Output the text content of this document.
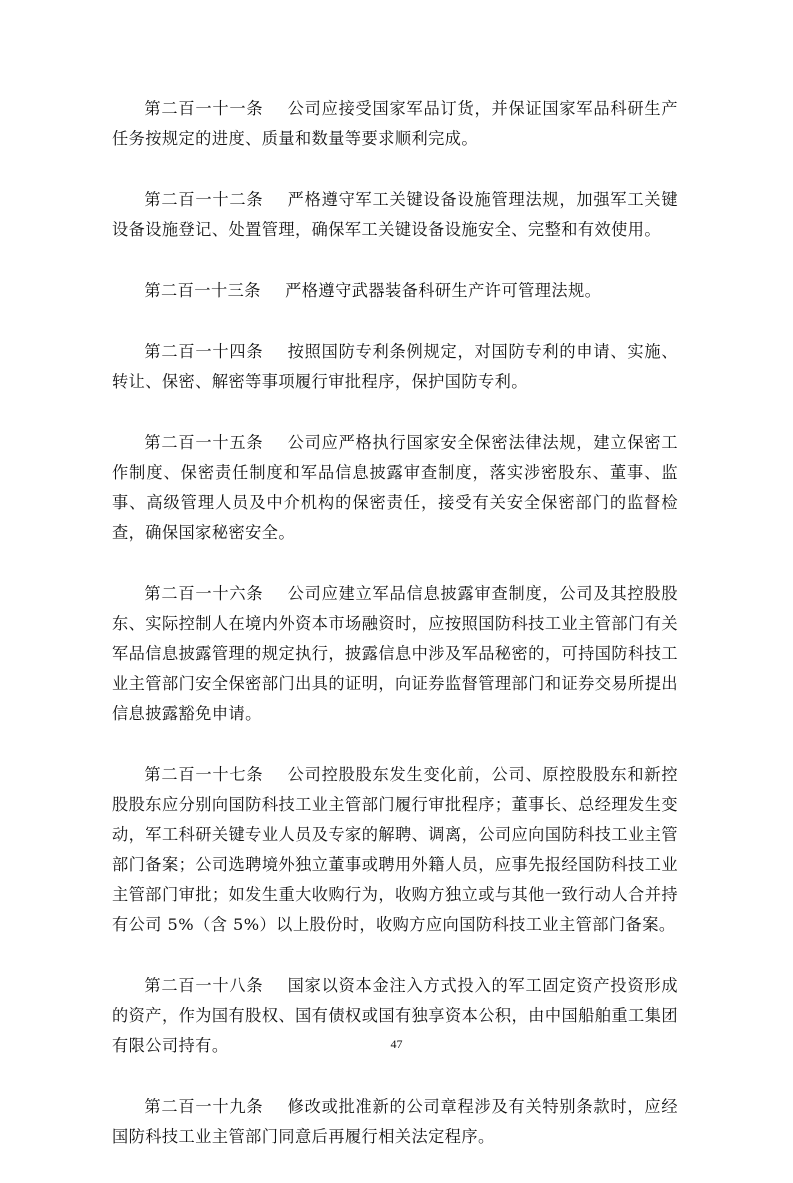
第二百一十一条 公司应接受国家军品订货，并保证国家军品科研生产任务按规定的进度、质量和数量等要求顺利完成。

第二百一十二条 严格遵守军工关键设备设施管理法规，加强军工关键设备设施登记、处置管理，确保军工关键设备设施安全、完整和有效使用。

第二百一十三条 严格遵守武器装备科研生产许可管理法规。

第二百一十四条 按照国防专利条例规定，对国防专利的申请、实施、转让、保密、解密等事项履行审批程序，保护国防专利。

第二百一十五条 公司应严格执行国家安全保密法律法规，建立保密工作制度、保密责任制度和军品信息披露审查制度，落实涉密股东、董事、监事、高级管理人员及中介机构的保密责任，接受有关安全保密部门的监督检查，确保国家秘密安全。

第二百一十六条 公司应建立军品信息披露审查制度，公司及其控股股东、实际控制人在境内外资本市场融资时，应按照国防科技工业主管部门有关军品信息披露管理的规定执行，披露信息中涉及军品秘密的，可持国防科技工业主管部门安全保密部门出具的证明，向证券监督管理部门和证券交易所提出信息披露豁免申请。

第二百一十七条 公司控股股东发生变化前，公司、原控股股东和新控股股东应分别向国防科技工业主管部门履行审批程序；董事长、总经理发生变动，军工科研关键专业人员及专家的解聘、调离，公司应向国防科技工业主管部门备案；公司选聘境外独立董事或聘用外籍人员，应事先报经国防科技工业主管部门审批；如发生重大收购行为，收购方独立或与其他一致行动人合并持有公司 5%（含 5%）以上股份时，收购方应向国防科技工业主管部门备案。

第二百一十八条 国家以资本金注入方式投入的军工固定资产投资形成的资产，作为国有股权、国有债权或国有独享资本公积，由中国船舶重工集团有限公司持有。

第二百一十九条 修改或批准新的公司章程涉及有关特别条款时，应经国防科技工业主管部门同意后再履行相关法定程序。

47
